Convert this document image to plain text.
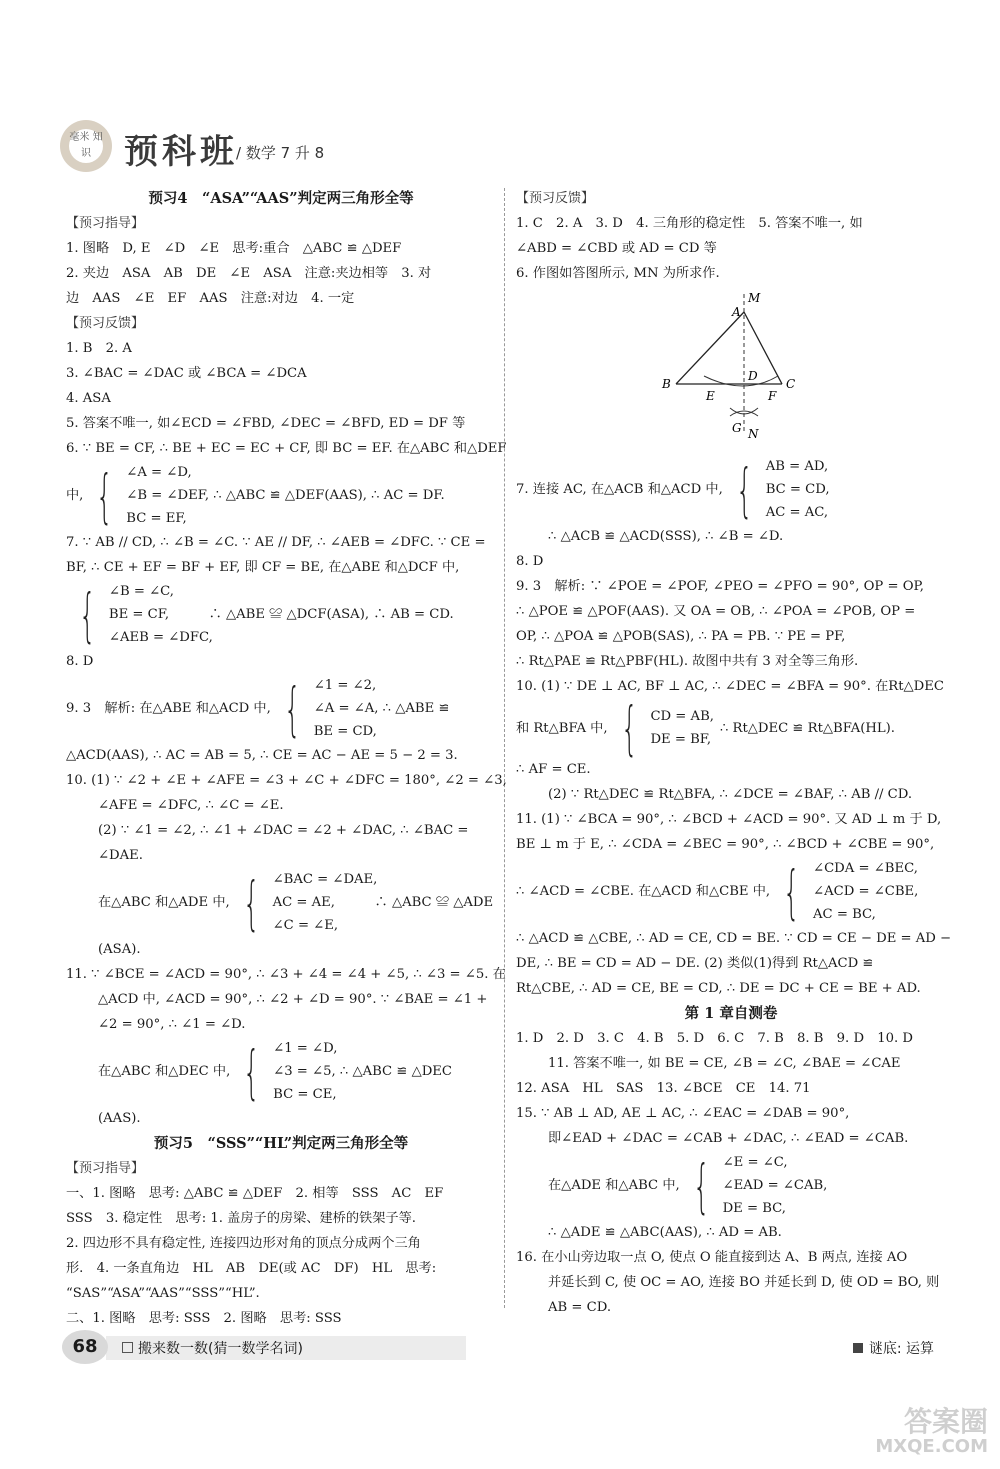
毫米 知识 预科班
/ 数学 7 升 8
预习4　“ASA”“AAS”判定两三角形全等
【预习指导】
1. 图略　D, E　∠D　∠E　思考:重合　△ABC ≌ △DEF
2. 夹边　ASA　AB　DE　∠E　ASA　注意:夹边相等　3. 对
边　AAS　∠E　EF　AAS　注意:对边　4. 一定
【预习反馈】
1. B　2. A
3. ∠BAC = ∠DAC 或 ∠BCA = ∠DCA
4. ASA
5. 答案不唯一, 如∠ECD = ∠FBD, ∠DEC = ∠BFD, ED = DF 等
6. ∵ BE = CF, ∴ BE + EC = EC + CF, 即 BC = EF. 在△ABC 和△DEF
中, { ∠A = ∠D,
∠B = ∠DEF, ∴ △ABC ≌ △DEF(AAS), ∴ AC = DF.
BC = EF,
7. ∵ AB // CD, ∴ ∠B = ∠C. ∵ AE // DF, ∴ ∠AEB = ∠DFC. ∵ CE =
BF, ∴ CE + EF = BF + EF, 即 CF = BE, 在△ABE 和△DCF 中,
{ ∠B = ∠C,
BE = CF,　　　∴ △ABE ≌ △DCF(ASA), ∴ AB = CD.
∠AEB = ∠DFC,
8. D
9. 3　解析: 在△ABE 和△ACD 中, { ∠1 = ∠2,
∠A = ∠A, ∴ △ABE ≌
BE = CD,
△ACD(AAS), ∴ AC = AB = 5, ∴ CE = AC − AE = 5 − 2 = 3.
10. (1) ∵ ∠2 + ∠E + ∠AFE = ∠3 + ∠C + ∠DFC = 180°, ∠2 = ∠3,
∠AFE = ∠DFC, ∴ ∠C = ∠E.
(2) ∵ ∠1 = ∠2, ∴ ∠1 + ∠DAC = ∠2 + ∠DAC, ∴ ∠BAC =
∠DAE.
在△ABC 和△ADE 中, { ∠BAC = ∠DAE,
AC = AE,　　　∴ △ABC ≌ △ADE
∠C = ∠E,
(ASA).
11. ∵ ∠BCE = ∠ACD = 90°, ∴ ∠3 + ∠4 = ∠4 + ∠5, ∴ ∠3 = ∠5. 在
△ACD 中, ∠ACD = 90°, ∴ ∠2 + ∠D = 90°. ∵ ∠BAE = ∠1 +
∠2 = 90°, ∴ ∠1 = ∠D.
在△ABC 和△DEC 中, { ∠1 = ∠D,
∠3 = ∠5, ∴ △ABC ≌ △DEC
BC = CE,
(AAS).
预习5　“SSS”“HL”判定两三角形全等
【预习指导】
一、1. 图略　思考: △ABC ≌ △DEF　2. 相等　SSS　AC　EF
SSS　3. 稳定性　思考: 1. 盖房子的房梁、建桥的铁架子等.
2. 四边形不具有稳定性, 连接四边形对角的顶点分成两个三角
形.　4. 一条直角边　HL　AB　DE(或 AC　DF)　HL　思考:
“SAS”“ASA”“AAS”“SSS”“HL”.
二、1. 图略　思考: SSS　2. 图略　思考: SSS
【预习反馈】
1. C　2. A　3. D　4. 三角形的稳定性　5. 答案不唯一, 如
∠ABD = ∠CBD 或 AD = CD 等
6. 作图如答图所示, MN 为所求作.
M
A
B	C
D
E	F
G N
7. 连接 AC, 在△ACB 和△ACD 中, { AB = AD,
BC = CD,
AC = AC,
∴ △ACB ≌ △ACD(SSS), ∴ ∠B = ∠D.
8. D
9. 3　解析: ∵ ∠POE = ∠POF, ∠PEO = ∠PFO = 90°, OP = OP,
∴ △POE ≌ △POF(AAS). 又 OA = OB, ∴ ∠POA = ∠POB, OP =
OP, ∴ △POA ≌ △POB(SAS), ∴ PA = PB. ∵ PE = PF,
∴ Rt△PAE ≌ Rt△PBF(HL). 故图中共有 3 对全等三角形.
10. (1) ∵ DE ⊥ AC, BF ⊥ AC, ∴ ∠DEC = ∠BFA = 90°. 在Rt△DEC
和 Rt△BFA 中, { CD = AB,
DE = BF,
∴ Rt△DEC ≌ Rt△BFA(HL).
∴ AF = CE.
(2) ∵ Rt△DEC ≌ Rt△BFA, ∴ ∠DCE = ∠BAF, ∴ AB // CD.
11. (1) ∵ ∠BCA = 90°, ∴ ∠BCD + ∠ACD = 90°. 又 AD ⊥ m 于 D,
BE ⊥ m 于 E, ∴ ∠CDA = ∠BEC = 90°, ∴ ∠BCD + ∠CBE = 90°,
∴ ∠ACD = ∠CBE. 在△ACD 和△CBE 中, { ∠CDA = ∠BEC,
∠ACD = ∠CBE,
AC = BC,
∴ △ACD ≌ △CBE, ∴ AD = CE, CD = BE. ∵ CD = CE − DE = AD −
DE, ∴ BE = CD = AD − DE. (2) 类似(1)得到 Rt△ACD ≌
Rt△CBE, ∴ AD = CE, BE = CD, ∴ DE = DC + CE = BE + AD.
第 1 章自测卷
1. D　2. D　3. C　4. B　5. D　6. C　7. B　8. B　9. D　10. D
11. 答案不唯一, 如 BE = CE, ∠B = ∠C, ∠BAE = ∠CAE
12. ASA　HL　SAS　13. ∠BCE　CE　14. 71
15. ∵ AB ⊥ AD, AE ⊥ AC, ∴ ∠EAC = ∠DAB = 90°,
即∠EAD + ∠DAC = ∠CAB + ∠DAC, ∴ ∠EAD = ∠CAB.
在△ADE 和△ABC 中, { ∠E = ∠C,
∠EAD = ∠CAB,
DE = BC,
∴ △ADE ≌ △ABC(AAS), ∴ AD = AB.
16. 在小山旁边取一点 O, 使点 O 能直接到达 A、B 两点, 连接 AO
并延长到 C, 使 OC = AO, 连接 BO 并延长到 D, 使 OD = BO, 则
AB = CD.
68	搬来数一数(猜一数学名词)	谜底: 运算
答案圈
MXQE.COM
